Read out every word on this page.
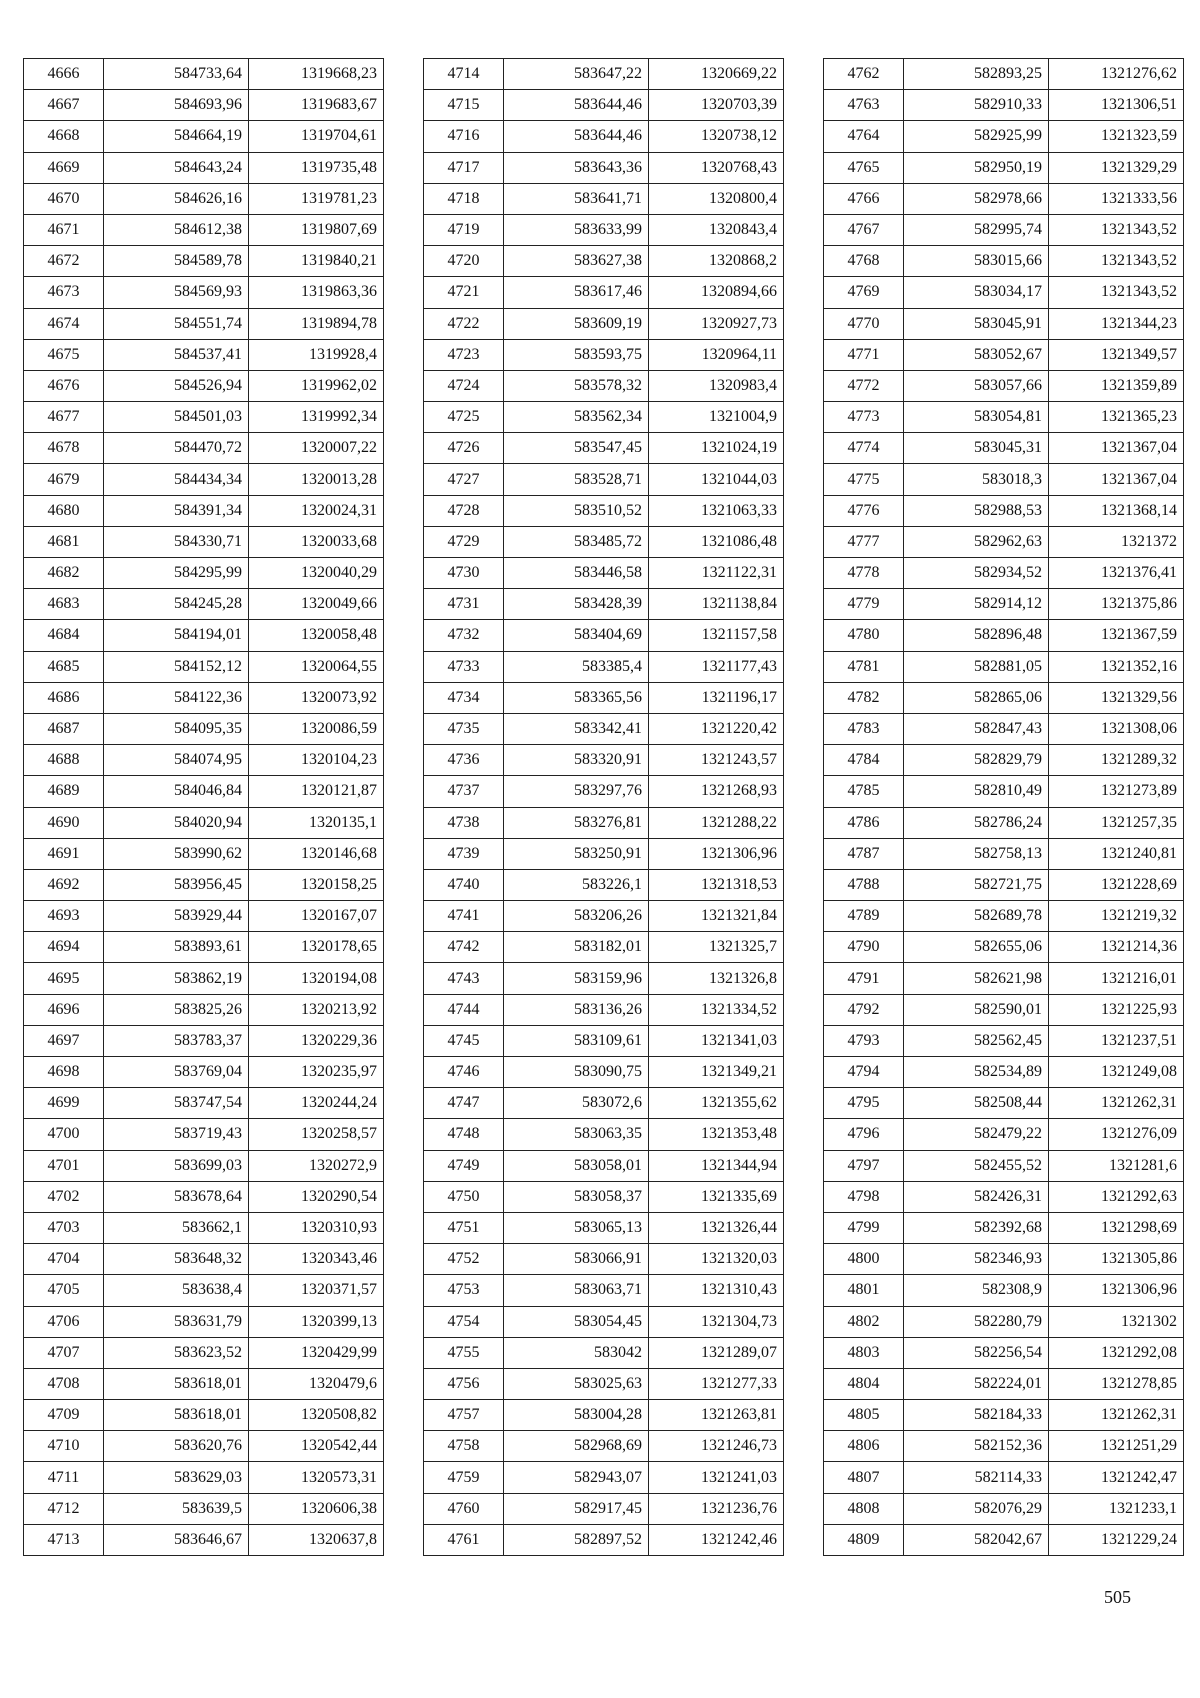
4666	584733,64	1319668,23
4667	584693,96	1319683,67
4668	584664,19	1319704,61
4669	584643,24	1319735,48
4670	584626,16	1319781,23
4671	584612,38	1319807,69
4672	584589,78	1319840,21
4673	584569,93	1319863,36
4674	584551,74	1319894,78
4675	584537,41	1319928,4
4676	584526,94	1319962,02
4677	584501,03	1319992,34
4678	584470,72	1320007,22
4679	584434,34	1320013,28
4680	584391,34	1320024,31
4681	584330,71	1320033,68
4682	584295,99	1320040,29
4683	584245,28	1320049,66
4684	584194,01	1320058,48
4685	584152,12	1320064,55
4686	584122,36	1320073,92
4687	584095,35	1320086,59
4688	584074,95	1320104,23
4689	584046,84	1320121,87
4690	584020,94	1320135,1
4691	583990,62	1320146,68
4692	583956,45	1320158,25
4693	583929,44	1320167,07
4694	583893,61	1320178,65
4695	583862,19	1320194,08
4696	583825,26	1320213,92
4697	583783,37	1320229,36
4698	583769,04	1320235,97
4699	583747,54	1320244,24
4700	583719,43	1320258,57
4701	583699,03	1320272,9
4702	583678,64	1320290,54
4703	583662,1	1320310,93
4704	583648,32	1320343,46
4705	583638,4	1320371,57
4706	583631,79	1320399,13
4707	583623,52	1320429,99
4708	583618,01	1320479,6
4709	583618,01	1320508,82
4710	583620,76	1320542,44
4711	583629,03	1320573,31
4712	583639,5	1320606,38
4713	583646,67	1320637,8
4714	583647,22	1320669,22
4715	583644,46	1320703,39
4716	583644,46	1320738,12
4717	583643,36	1320768,43
4718	583641,71	1320800,4
4719	583633,99	1320843,4
4720	583627,38	1320868,2
4721	583617,46	1320894,66
4722	583609,19	1320927,73
4723	583593,75	1320964,11
4724	583578,32	1320983,4
4725	583562,34	1321004,9
4726	583547,45	1321024,19
4727	583528,71	1321044,03
4728	583510,52	1321063,33
4729	583485,72	1321086,48
4730	583446,58	1321122,31
4731	583428,39	1321138,84
4732	583404,69	1321157,58
4733	583385,4	1321177,43
4734	583365,56	1321196,17
4735	583342,41	1321220,42
4736	583320,91	1321243,57
4737	583297,76	1321268,93
4738	583276,81	1321288,22
4739	583250,91	1321306,96
4740	583226,1	1321318,53
4741	583206,26	1321321,84
4742	583182,01	1321325,7
4743	583159,96	1321326,8
4744	583136,26	1321334,52
4745	583109,61	1321341,03
4746	583090,75	1321349,21
4747	583072,6	1321355,62
4748	583063,35	1321353,48
4749	583058,01	1321344,94
4750	583058,37	1321335,69
4751	583065,13	1321326,44
4752	583066,91	1321320,03
4753	583063,71	1321310,43
4754	583054,45	1321304,73
4755	583042	1321289,07
4756	583025,63	1321277,33
4757	583004,28	1321263,81
4758	582968,69	1321246,73
4759	582943,07	1321241,03
4760	582917,45	1321236,76
4761	582897,52	1321242,46
4762	582893,25	1321276,62
4763	582910,33	1321306,51
4764	582925,99	1321323,59
4765	582950,19	1321329,29
4766	582978,66	1321333,56
4767	582995,74	1321343,52
4768	583015,66	1321343,52
4769	583034,17	1321343,52
4770	583045,91	1321344,23
4771	583052,67	1321349,57
4772	583057,66	1321359,89
4773	583054,81	1321365,23
4774	583045,31	1321367,04
4775	583018,3	1321367,04
4776	582988,53	1321368,14
4777	582962,63	1321372
4778	582934,52	1321376,41
4779	582914,12	1321375,86
4780	582896,48	1321367,59
4781	582881,05	1321352,16
4782	582865,06	1321329,56
4783	582847,43	1321308,06
4784	582829,79	1321289,32
4785	582810,49	1321273,89
4786	582786,24	1321257,35
4787	582758,13	1321240,81
4788	582721,75	1321228,69
4789	582689,78	1321219,32
4790	582655,06	1321214,36
4791	582621,98	1321216,01
4792	582590,01	1321225,93
4793	582562,45	1321237,51
4794	582534,89	1321249,08
4795	582508,44	1321262,31
4796	582479,22	1321276,09
4797	582455,52	1321281,6
4798	582426,31	1321292,63
4799	582392,68	1321298,69
4800	582346,93	1321305,86
4801	582308,9	1321306,96
4802	582280,79	1321302
4803	582256,54	1321292,08
4804	582224,01	1321278,85
4805	582184,33	1321262,31
4806	582152,36	1321251,29
4807	582114,33	1321242,47
4808	582076,29	1321233,1
4809	582042,67	1321229,24
505
